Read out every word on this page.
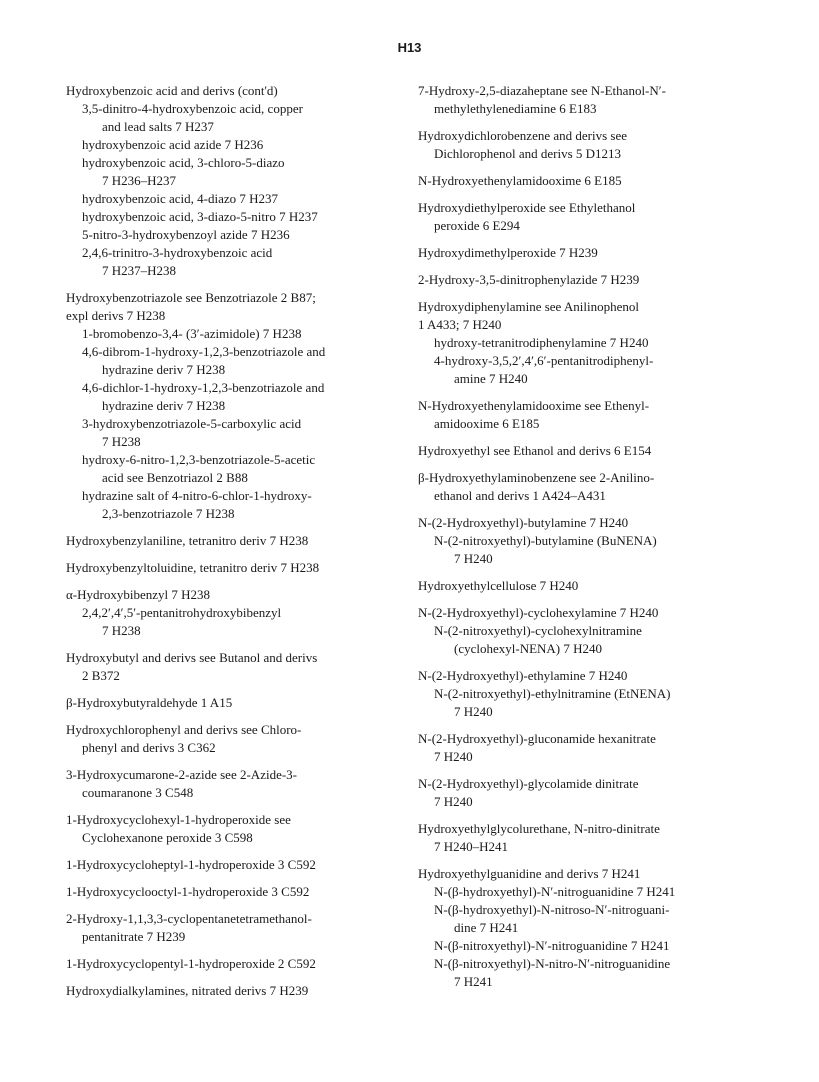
H13
Hydroxybenzoic acid and derivs (cont'd)
3,5-dinitro-4-hydroxybenzoic acid, copper
and lead salts 7 H237
hydroxybenzoic acid azide 7 H236
hydroxybenzoic acid, 3-chloro-5-diazo
7 H236–H237
hydroxybenzoic acid, 4-diazo 7 H237
hydroxybenzoic acid, 3-diazo-5-nitro 7 H237
5-nitro-3-hydroxybenzoyl azide 7 H236
2,4,6-trinitro-3-hydroxybenzoic acid
7 H237–H238
Hydroxybenzotriazole see Benzotriazole 2 B87;
expl derivs 7 H238
1-bromobenzo-3,4- (3′-azimidole) 7 H238
4,6-dibrom-1-hydroxy-1,2,3-benzotriazole and
hydrazine deriv 7 H238
4,6-dichlor-1-hydroxy-1,2,3-benzotriazole and
hydrazine deriv 7 H238
3-hydroxybenzotriazole-5-carboxylic acid
7 H238
hydroxy-6-nitro-1,2,3-benzotriazole-5-acetic
acid see Benzotriazol 2 B88
hydrazine salt of 4-nitro-6-chlor-1-hydroxy-
2,3-benzotriazole 7 H238
Hydroxybenzylaniline, tetranitro deriv 7 H238
Hydroxybenzyltoluidine, tetranitro deriv 7 H238
α-Hydroxybibenzyl 7 H238
2,4,2′,4′,5′-pentanitrohydroxybibenzyl
7 H238
Hydroxybutyl and derivs see Butanol and derivs
2 B372
β-Hydroxybutyraldehyde 1 A15
Hydroxychlorophenyl and derivs see Chloro-
phenyl and derivs 3 C362
3-Hydroxycumarone-2-azide see 2-Azide-3-
coumaranone 3 C548
1-Hydroxycyclohexyl-1-hydroperoxide see
Cyclohexanone peroxide 3 C598
1-Hydroxycycloheptyl-1-hydroperoxide 3 C592
1-Hydroxycyclooctyl-1-hydroperoxide 3 C592
2-Hydroxy-1,1,3,3-cyclopentanetetramethanol-
pentanitrate 7 H239
1-Hydroxycyclopentyl-1-hydroperoxide 2 C592
Hydroxydialkylamines, nitrated derivs 7 H239
7-Hydroxy-2,5-diazaheptane see N-Ethanol-N′-
methylethylenediamine 6 E183
Hydroxydichlorobenzene and derivs see
Dichlorophenol and derivs 5 D1213
N-Hydroxyethenylamidooxime 6 E185
Hydroxydiethylperoxide see Ethylethanol
peroxide 6 E294
Hydroxydimethylperoxide 7 H239
2-Hydroxy-3,5-dinitrophenylazide 7 H239
Hydroxydiphenylamine see Anilinophenol
1 A433; 7 H240
hydroxy-tetranitrodiphenylamine 7 H240
4-hydroxy-3,5,2′,4′,6′-pentanitrodiphenyl-
amine 7 H240
N-Hydroxyethenylamidooxime see Ethenyl-
amidooxime 6 E185
Hydroxyethyl see Ethanol and derivs 6 E154
β-Hydroxyethylaminobenzene see 2-Anilino-
ethanol and derivs 1 A424–A431
N-(2-Hydroxyethyl)-butylamine 7 H240
N-(2-nitroxyethyl)-butylamine (BuNENA)
7 H240
Hydroxyethylcellulose 7 H240
N-(2-Hydroxyethyl)-cyclohexylamine 7 H240
N-(2-nitroxyethyl)-cyclohexylnitramine
(cyclohexyl-NENA) 7 H240
N-(2-Hydroxyethyl)-ethylamine 7 H240
N-(2-nitroxyethyl)-ethylnitramine (EtNENA)
7 H240
N-(2-Hydroxyethyl)-gluconamide hexanitrate
7 H240
N-(2-Hydroxyethyl)-glycolamide dinitrate
7 H240
Hydroxyethylglycolurethane, N-nitro-dinitrate
7 H240–H241
Hydroxyethylguanidine and derivs 7 H241
N-(β-hydroxyethyl)-N′-nitroguanidine 7 H241
N-(β-hydroxyethyl)-N-nitroso-N′-nitroguani-
dine 7 H241
N-(β-nitroxyethyl)-N′-nitroguanidine 7 H241
N-(β-nitroxyethyl)-N-nitro-N′-nitroguanidine
7 H241
